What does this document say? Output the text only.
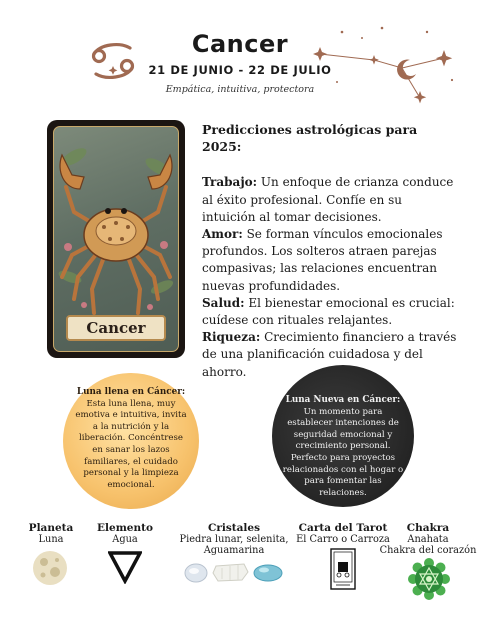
Cancer
21 DE JUNIO - 22 DE JULIO
Empática, intuitiva, protectora
Cancer
Predicciones astrológicas para 2025:

Trabajo: Un enfoque de crianza conduce al éxito profesional. Confíe en su intuición al tomar decisiones.

Amor: Se forman vínculos emocionales profundos. Los solteros atraen parejas compasivas; las relaciones encuentran nuevas profundidades.

Salud: El bienestar emocional es crucial: cuídese con rituales relajantes.

Riqueza: Crecimiento financiero a través de una planificación cuidadosa y del ahorro.

Luna llena en Cáncer:
Esta luna llena, muy emotiva e intuitiva, invita a la nutrición y la liberación. Concéntrese en sanar los lazos familiares, el cuidado personal y la limpieza emocional.
Luna Nueva en Cáncer:
Un momento para establecer intenciones de seguridad emocional y crecimiento personal. Perfecto para proyectos relacionados con el hogar o para fomentar las relaciones.
Planeta
Luna
Elemento
Agua
Cristales
Piedra lunar, selenita,
Aguamarina
Carta del Tarot
El Carro o Carroza
Chakra
Anahata
Chakra del corazón
